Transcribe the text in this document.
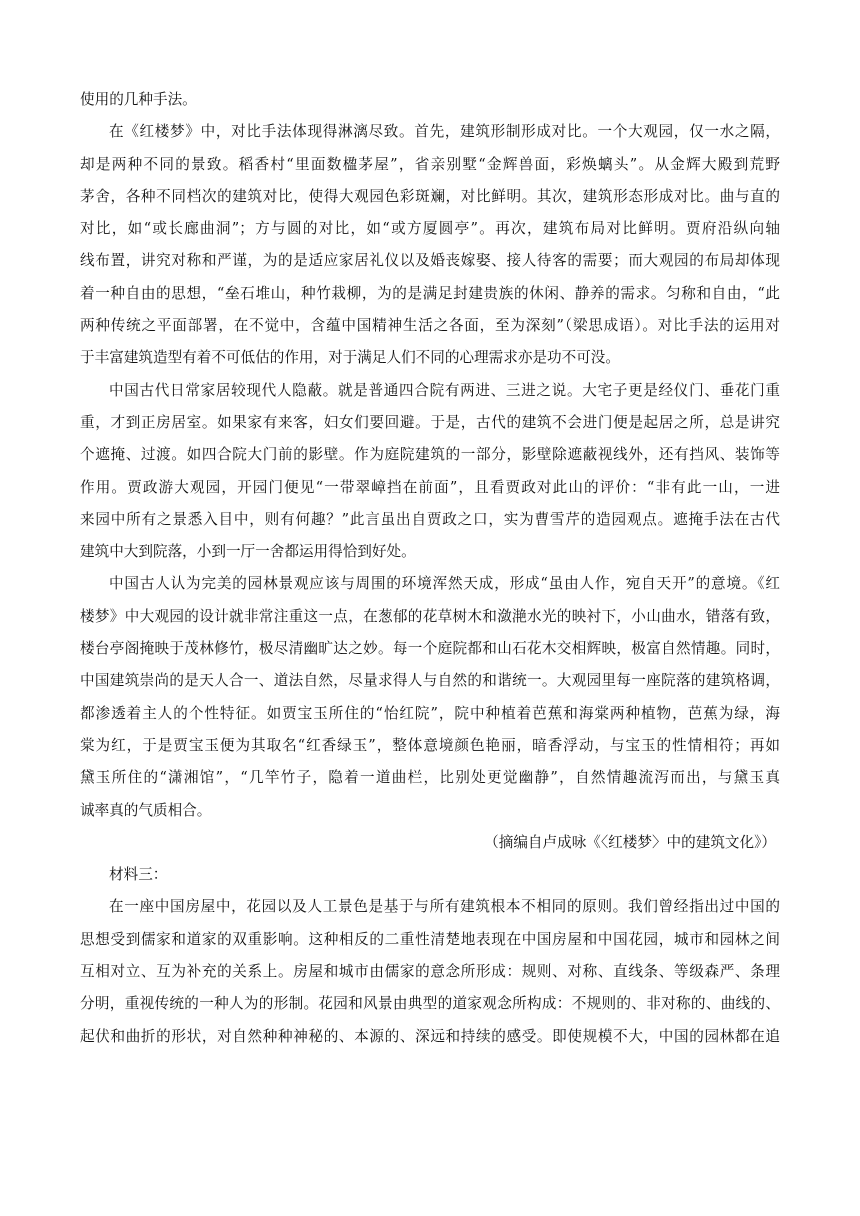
使用的几种手法。
在《红楼梦》中，对比手法体现得淋漓尽致。首先，建筑形制形成对比。一个大观园，仅一水之隔，
却是两种不同的景致。稻香村“里面数楹茅屋”，省亲别墅“金辉兽面，彩焕螭头”。从金辉大殿到荒野
茅舍，各种不同档次的建筑对比，使得大观园色彩斑斓，对比鲜明。其次，建筑形态形成对比。曲与直的
对比，如“或长廊曲洞”；方与圆的对比，如“或方厦圆亭”。再次，建筑布局对比鲜明。贾府沿纵向轴
线布置，讲究对称和严谨，为的是适应家居礼仪以及婚丧嫁娶、接人待客的需要；而大观园的布局却体现
着一种自由的思想，“垒石堆山，种竹栽柳，为的是满足封建贵族的休闲、静养的需求。匀称和自由，“此
两种传统之平面部署，在不觉中，含蕴中国精神生活之各面，至为深刻”（梁思成语）。对比手法的运用对
于丰富建筑造型有着不可低估的作用，对于满足人们不同的心理需求亦是功不可没。
中国古代日常家居较现代人隐蔽。就是普通四合院有两进、三进之说。大宅子更是经仪门、垂花门重
重，才到正房居室。如果家有来客，妇女们要回避。于是，古代的建筑不会进门便是起居之所，总是讲究
个遮掩、过渡。如四合院大门前的影壁。作为庭院建筑的一部分，影壁除遮蔽视线外，还有挡风、装饰等
作用。贾政游大观园，开园门便见“一带翠嶂挡在前面”，且看贾政对此山的评价：“非有此一山，一进
来园中所有之景悉入目中，则有何趣？”此言虽出自贾政之口，实为曹雪芹的造园观点。遮掩手法在古代
建筑中大到院落，小到一厅一舍都运用得恰到好处。
中国古人认为完美的园林景观应该与周围的环境浑然天成，形成“虽由人作，宛自天开”的意境。《红
楼梦》中大观园的设计就非常注重这一点，在葱郁的花草树木和潋滟水光的映衬下，小山曲水，错落有致，
楼台亭阁掩映于茂林修竹，极尽清幽旷达之妙。每一个庭院都和山石花木交相辉映，极富自然情趣。同时，
中国建筑崇尚的是天人合一、道法自然，尽量求得人与自然的和谐统一。大观园里每一座院落的建筑格调，
都渗透着主人的个性特征。如贾宝玉所住的“怡红院”，院中种植着芭蕉和海棠两种植物，芭蕉为绿，海
棠为红，于是贾宝玉便为其取名“红香绿玉”，整体意境颜色艳丽，暗香浮动，与宝玉的性情相符；再如
黛玉所住的“潇湘馆”，“几竿竹子，隐着一道曲栏，比别处更觉幽静”，自然情趣流泻而出，与黛玉真
诚率真的气质相合。
（摘编自卢成咏《〈红楼梦〉中的建筑文化》）
材料三：
在一座中国房屋中，花园以及人工景色是基于与所有建筑根本不相同的原则。我们曾经指出过中国的
思想受到儒家和道家的双重影响。这种相反的二重性清楚地表现在中国房屋和中国花园，城市和园林之间
互相对立、互为补充的关系上。房屋和城市由儒家的意念所形成：规则、对称、直线条、等级森严、条理
分明，重视传统的一种人为的形制。花园和风景由典型的道家观念所构成：不规则的、非对称的、曲线的、
起伏和曲折的形状，对自然种种神秘的、本源的、深远和持续的感受。即使规模不大，中国的园林都在追
